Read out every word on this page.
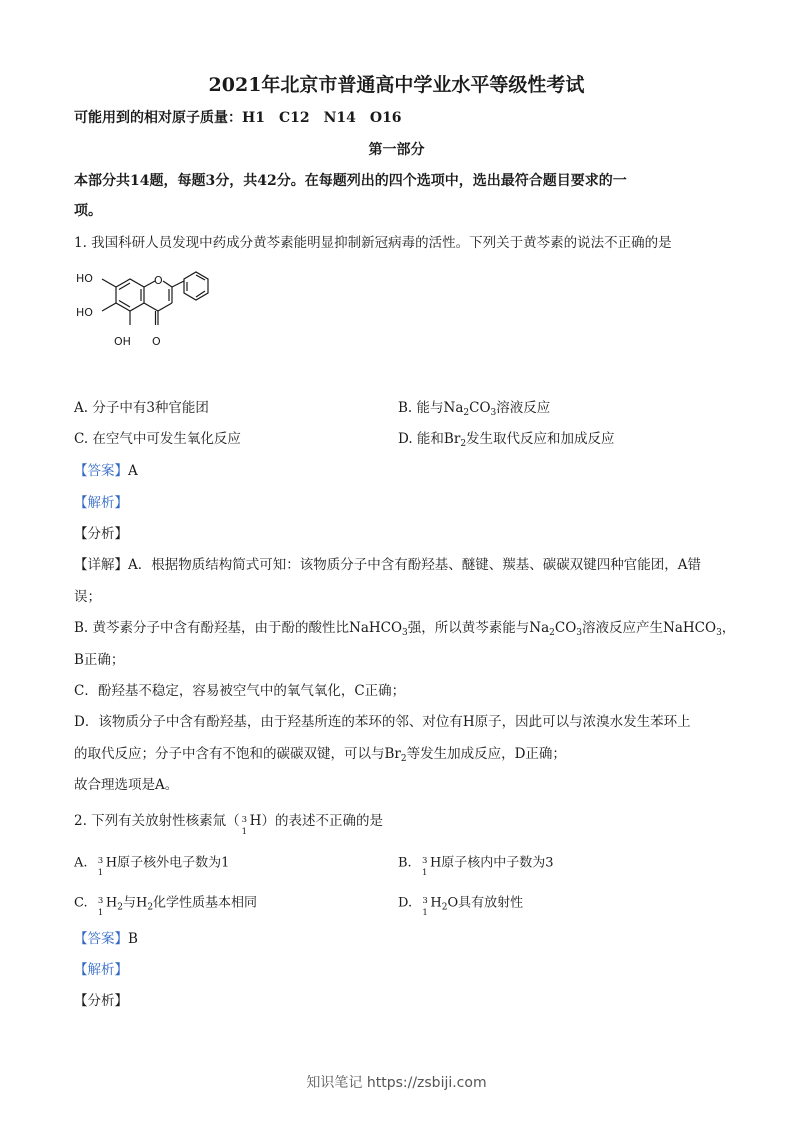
2021年北京市普通高中学业水平等级性考试
可能用到的相对原子质量：H1　C12　N14　O16
第一部分
本部分共14题，每题3分，共42分。在每题列出的四个选项中，选出最符合题目要求的一
项。
1. 我国科研人员发现中药成分黄芩素能明显抑制新冠病毒的活性。下列关于黄芩素的说法不正确的是
HO
HO
OH O
O
A. 分子中有3种官能团	B. 能与$Na_2CO_3$溶液反应
C. 在空气中可发生氧化反应	D. 能和$Br_2$发生取代反应和加成反应
【答案】A
【解析】
【分析】
【详解】A．根据物质结构简式可知：该物质分子中含有酚羟基、醚键、羰基、碳碳双键四种官能团，A错
误；
B. 黄芩素分子中含有酚羟基，由于酚的酸性比NaHCO$_3$强，所以黄芩素能与$Na_2CO_3$溶液反应产生NaHCO$_3$，
B正确；
C．酚羟基不稳定，容易被空气中的氧气氧化，C正确；
D．该物质分子中含有酚羟基，由于羟基所连的苯环的邻、对位有H原子，因此可以与浓溴水发生苯环上
的取代反应；分子中含有不饱和的碳碳双键，可以与$Br_2$等发生加成反应，D正确；
故合理选项是A。
2. 下列有关放射性核素氚（ 3
1
H）的表述不正确的是
A. 3
1
H原子核外电子数为1	B. 3
1
H原子核内中子数为3
C. 3
1
$H_2$与$H_2$化学性质基本相同	D. 3
1
$H_2O$具有放射性
【答案】B
【解析】
【分析】
知识笔记 https://zsbiji.com
